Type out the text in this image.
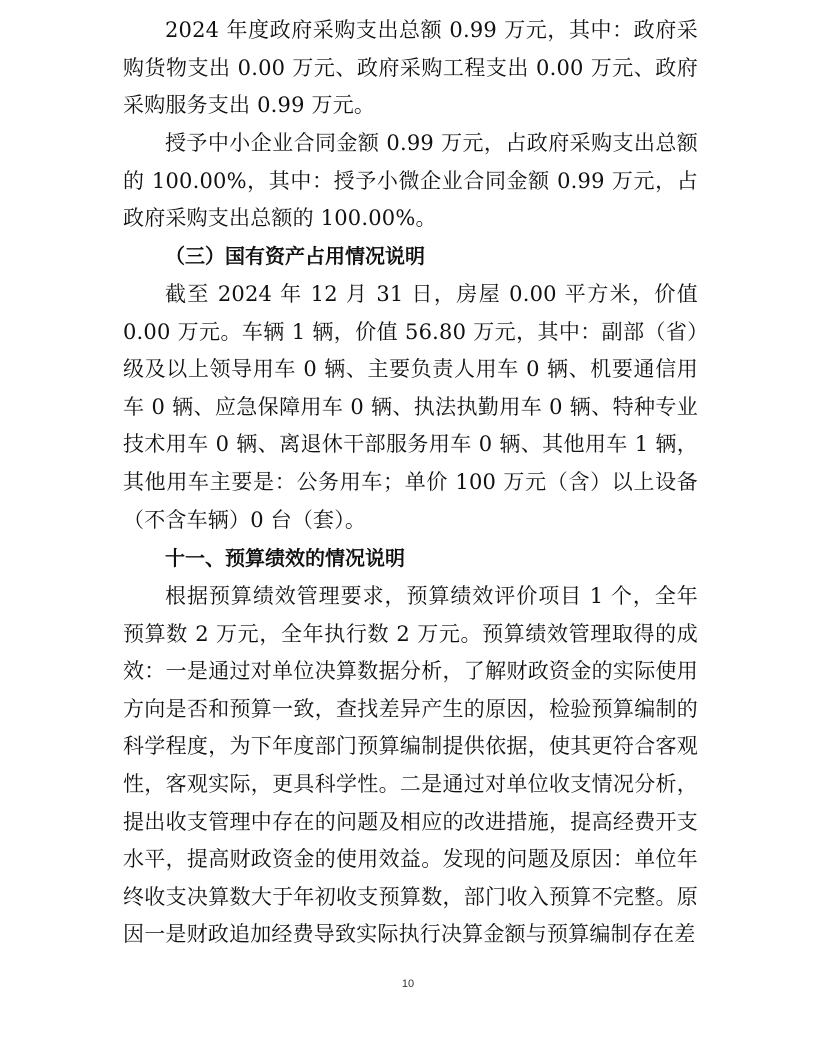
2024 年度政府采购支出总额 0.99 万元，其中：政府采购货物支出 0.00 万元、政府采购工程支出 0.00 万元、政府采购服务支出 0.99 万元。

授予中小企业合同金额 0.99 万元，占政府采购支出总额的 100.00%，其中：授予小微企业合同金额 0.99 万元，占政府采购支出总额的 100.00%。

（三）国有资产占用情况说明

截至 2024 年 12 月 31 日，房屋 0.00 平方米，价值 0.00 万元。车辆 1 辆，价值 56.80 万元，其中：副部（省）级及以上领导用车 0 辆、主要负责人用车 0 辆、机要通信用车 0 辆、应急保障用车 0 辆、执法执勤用车 0 辆、特种专业技术用车 0 辆、离退休干部服务用车 0 辆、其他用车 1 辆，其他用车主要是：公务用车；单价 100 万元（含）以上设备（不含车辆）0 台（套）。

十一、预算绩效的情况说明

根据预算绩效管理要求，预算绩效评价项目 1 个，全年预算数 2 万元，全年执行数 2 万元。预算绩效管理取得的成效：一是通过对单位决算数据分析，了解财政资金的实际使用方向是否和预算一致，查找差异产生的原因，检验预算编制的科学程度，为下年度部门预算编制提供依据，使其更符合客观性，客观实际，更具科学性。二是通过对单位收支情况分析，提出收支管理中存在的问题及相应的改进措施，提高经费开支水平，提高财政资金的使用效益。发现的问题及原因：单位年终收支决算数大于年初收支预算数，部门收入预算不完整。原因一是财政追加经费导致实际执行决算金额与预算编制存在差

10
